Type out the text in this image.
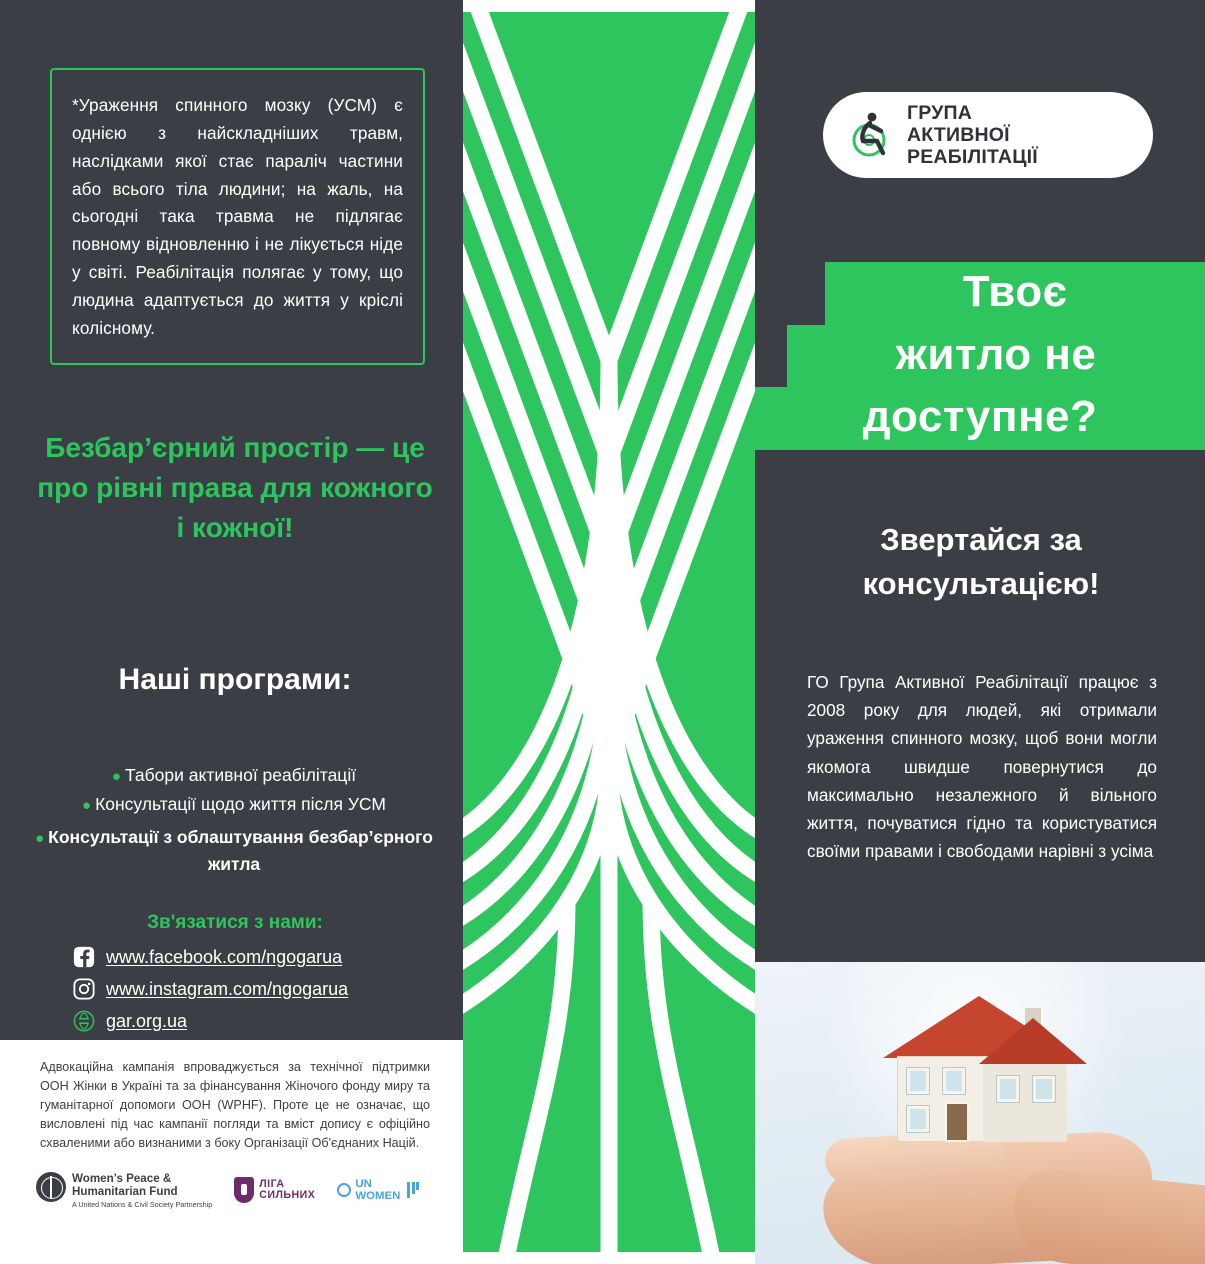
*Ураження спинного мозку (УСМ) є однією з найскладніших травм, наслідками якої стає параліч частини або всього тіла людини; на жаль, на сьогодні така травма не підлягає повному відновленню і не лікується ніде у світі. Реабілітація полягає у тому, що людина адаптується до життя у кріслі колісному.

Безбар’єрний простір — це про рівні права для кожного і кожної!
Наші програми:
● Табори активної реабілітації
● Консультації щодо життя після УСМ
● Консультації з облаштування безбар’єрного житла
Зв'язатися з нами:
www.facebook.com/ngogarua
www.instagram.com/ngogarua
gar.org.ua
Адвокаційна кампанія впроваджується за технічної підтримки ООН Жінки в Україні та за фінансування Жіночого фонду миру та гуманітарної допомоги ООН (WPHF). Проте це не означає, що висловлені під час кампанії погляди та вміст допису є офіційно схваленими або визнаними з боку Організації Об'єднаних Націй.
Women’s Peace &
Humanitarian Fund
A United Nations & Civil Society Partnership
ЛІГА
СИЛЬНИХ
UN
WOMEN
ГРУПА
АКТИВНОЇ
РЕАБІЛІТАЦІЇ
Твоє
житло не
доступне?
Звертайся за консультацією!
ГО Група Активної Реабілітації працює з 2008 року для людей, які отримали ураження спинного мозку, щоб вони могли якомога швидше повернутися до максимально незалежного й вільного життя, почуватися гідно та користуватися своїми правами і свободами нарівні з усіма
